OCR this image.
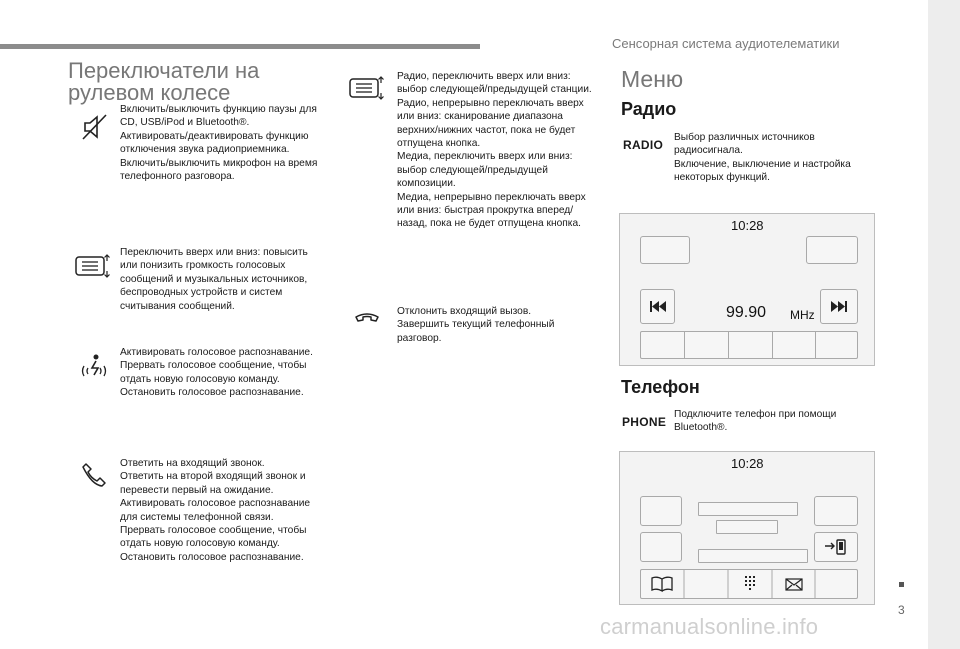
Сенсорная система аудиотелематики
3
carmanualsonline.info
Переключатели на рулевом колесе
Включить/выключить функцию паузы для CD, USB/iPod и Bluetooth®.
Активировать/деактивировать функцию отключения звука радиоприемника.
Включить/выключить микрофон на время телефонного разговора.
Переключить вверх или вниз: повысить или понизить громкость голосовых сообщений и музыкальных источников, беспроводных устройств и систем считывания сообщений.
Активировать голосовое распознавание.
Прервать голосовое сообщение, чтобы отдать новую голосовую команду.
Остановить голосовое распознавание.
Ответить на входящий звонок.
Ответить на второй входящий звонок и перевести первый на ожидание.
Активировать голосовое распознавание для системы телефонной связи.
Прервать голосовое сообщение, чтобы отдать новую голосовую команду.
Остановить голосовое распознавание.
Радио, переключить вверх или вниз: выбор следующей/предыдущей станции.
Радио, непрерывно переключать вверх или вниз: сканирование диапазона верхних/нижних частот, пока не будет отпущена кнопка.
Медиа, переключить вверх или вниз: выбор следующей/предыдущей композиции.
Медиа, непрерывно переключать вверх или вниз: быстрая прокрутка вперед/назад, пока не будет отпущена кнопка.
Отклонить входящий вызов.
Завершить текущий телефонный разговор.
Меню
Радио
RADIO
Выбор различных источников радиосигнала.
Включение, выключение и настройка некоторых функций.
10:28
99.90 MHz
Телефон
PHONE
Подключите телефон при помощи Bluetooth®.
10:28
